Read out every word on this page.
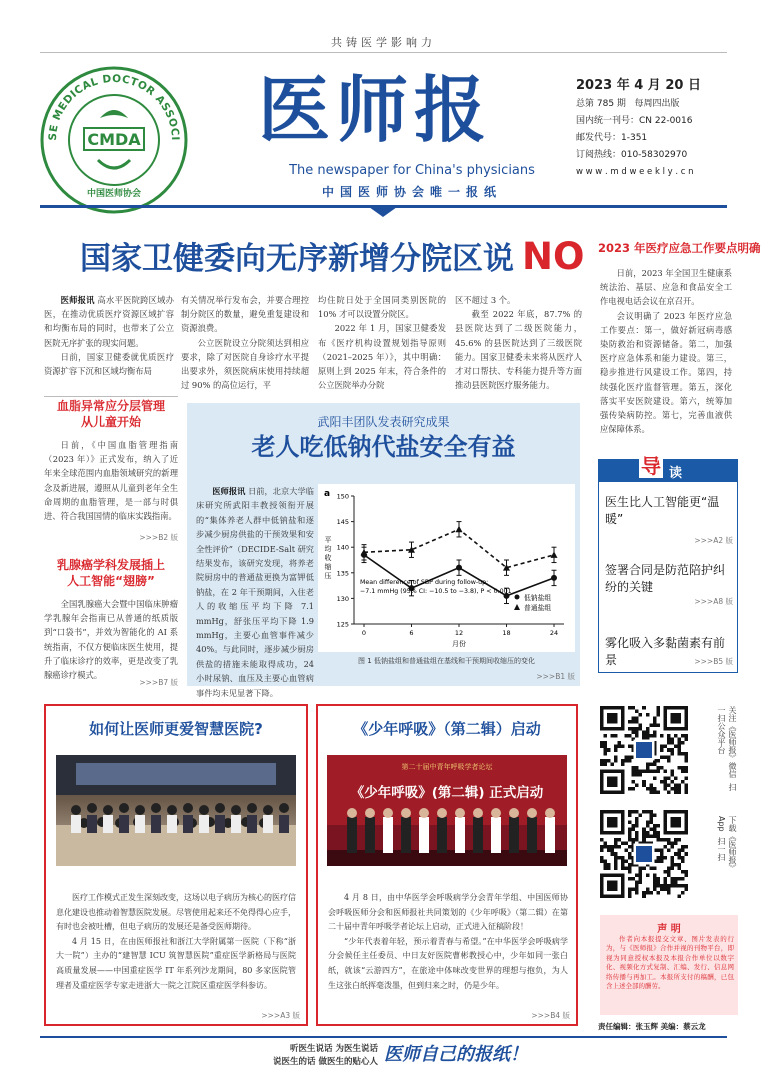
共铸医学影响力
SE MEDICAL DOCTOR ASSOCI
CMDA
中国医师协会
医师报
The newspaper for China's physicians
中国医师协会唯一报纸
2023 年 4 月 20 日
总第 785 期 每周四出版
国内统一刊号：CN 22-0016
邮发代号：1-351
订阅热线：010-58302970
w w w . m d w e e k l y . c n
国家卫健委向无序新增分院区说 NO

医师报讯 高水平医院跨区域办医，在推动优质医疗资源区域扩容和均衡布局的同时，也带来了公立医院无序扩张的现实问题。

日前，国家卫健委就优质医疗资源扩容下沉和区域均衡布局

有关情况举行发布会，并要合理控制分院区的数量，避免重复建设和资源浪费。

公立医院设立分院须达到相应要求，除了对医院自身诊疗水平提出要求外，须医院病床使用持续超过 90% 的高位运行，平

均住院日处于全国同类别医院的 10% 才可以设置分院区。

2022 年 1 月，国家卫健委发布《医疗机构设置规划指导原则（2021–2025 年）》，其中明确：原则上到 2025 年末，符合条件的公立医院举办分院

区不超过 3 个。

截至 2022 年底，87.7% 的县医院达到了二级医院能力，45.6% 的县医院达到了三级医院能力。国家卫健委未来将从医疗人才对口帮扶、专科能力提升等方面推动县医院医疗服务能力。

2023 年医疗应急工作要点明确

日前，2023 年全国卫生健康系统法治、基层、应急和食品安全工作电视电话会议在京召开。

会议明确了 2023 年医疗应急工作要点：第一，做好新冠病毒感染防救治和资源储备。第二，加强医疗应急体系和能力建设。第三，稳步推进行风建设工作。第四，持续强化医疗监督管理。第五，深化落实平安医院建设。第六，统筹加强传染病防控。第七，完善血液供应保障体系。

血脂异常应分层管理
从儿童开始

日前，《中国血脂管理指南（2023 年）》正式发布，纳入了近年来全球范围内血脂领域研究的新理念及新进展，遵照从儿童到老年全生命周期的血脂管理，是一部与时俱进、符合我国国情的临床实践指南。

>>>B2 版
乳腺癌学科发展插上
人工智能“翅膀”

全国乳腺癌大会暨中国临床肿瘤学乳腺年会指南已从普通的纸质版到“口袋书”，并效为智能化的 AI 系统指南，不仅方便临床医生使用，提升了临床诊疗的效率，更是改变了乳腺癌诊疗模式。

>>>B7 版
武阳丰团队发表研究成果
老人吃低钠代盐安全有益

医师报讯 日前，北京大学临床研究所武阳丰教授领衔开展的“集体养老人群中低钠盐和逐步减少厨房供盐的干预效果和安全性评价”（DECIDE-Salt 研究结果发布，该研究发现，将养老院厨房中的普通盐更换为富钾低钠盐，在 2 年干预期间，入住老人的收缩压平均下降 7.1 mmHg，舒张压平均下降 1.9 mmHg，主要心血管事件减少 40%。与此同时，逐步减少厨房供盐的措施未能取得成功，24 小时尿钠、血压及主要心血管病事件均未见显著下降。

a
125
130
135
140
145
150
0	6	12	18	24
月份
平
均
收
缩
压
Mean difference of SBP during follow-up:
−7.1 mmHg (95% CI: −10.5 to −3.8), P < 0.001
低钠盐组
普通盐组
图 1 低钠盐组和普通盐组在基线和干预期间收缩压的变化
>>>B1 版
导 读
医生比人工智能更“温暖”
>>>A2 版
签署合同是防范陪护纠纷的关键
>>>A8 版
雾化吸入多黏菌素有前景	>>>B5 版
如何让医师更爱智慧医院?

医疗工作模式正发生深刻改变，这场以电子病历为核心的医疗信息化建设也推动着智慧医院发展。尽管使用起来还不免得得心应手，有时也会被吐槽，但电子病历的发展还是备受医师期待。

4 月 15 日，在由医师报社和浙江大学附属第一医院（下称“浙大一院”）主办的“建智慧 ICU 筑智慧医院”重症医学新格局与医院高质量发展——中国重症医学 IT 年系列沙龙期间，80 多家医院管理者及重症医学专家走进浙大一院之江院区重症医学科参访。

>>>A3 版
《少年呼吸》（第二辑）启动
第二十届中青年呼吸学者论坛
《少年呼吸》(第二辑) 正式启动

4 月 8 日，由中华医学会呼吸病学分会青年学组、中国医师协会呼吸医师分会和医师报社共同策划的《少年呼吸》（第二辑）在第二十届中青年呼吸学者论坛上启动，正式进入征稿阶段！

“少年代表着年轻，预示着青春与希望。”在中华医学会呼吸病学分会候任主任委员、中日友好医院曹彬教授心中，少年如同一张白纸，就该“云游四方”，在旅途中体味改变世界的理想与抱负，为人生这张白纸挥毫泼墨，但到归来之时，仍是少年。

>>>B4 版
关注《医师报》微信  扫一扫公众平台
下载《医师报》App  扫一扫
声 明
作者向本报提交文章、图片发表的行为，与《医师报》合作并视的刊物平台，即视为同意授权本报及本报合作单位以数字化、视频化方式复制、汇编、发行、信息网络传播与再加工。本报所支付的稿酬，已包含上述全部的酬劳。
责任编辑：张玉辉 美编：蔡云龙
听医生说话 为医生说话
说医生的话 做医生的贴心人 医师自己的报纸！
